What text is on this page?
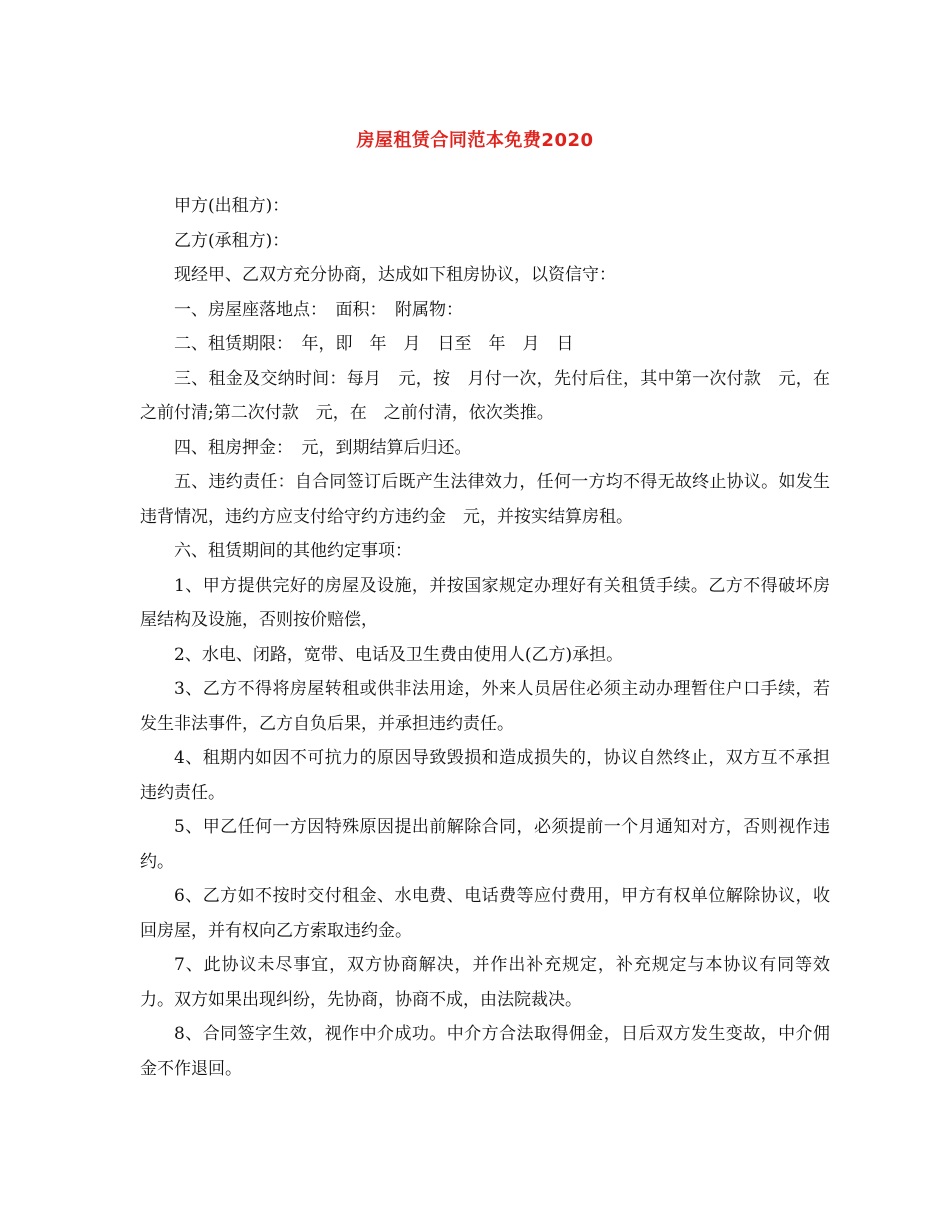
房屋租赁合同范本免费2020

甲方(出租方)：

乙方(承租方)：

现经甲、乙双方充分协商，达成如下租房协议，以资信守：

一、房屋座落地点：　面积：　附属物：

二、租赁期限：　年，即　年　月　日至　年　月　日

三、租金及交纳时间：每月　元，按　月付一次，先付后住，其中第一次付款　元，在　之前付清;第二次付款　元，在　之前付清，依次类推。

四、租房押金：　元，到期结算后归还。

五、违约责任：自合同签订后既产生法律效力，任何一方均不得无故终止协议。如发生违背情况，违约方应支付给守约方违约金　元，并按实结算房租。

六、租赁期间的其他约定事项：

1、甲方提供完好的房屋及设施，并按国家规定办理好有关租赁手续。乙方不得破坏房屋结构及设施，否则按价赔偿，

2、水电、闭路，宽带、电话及卫生费由使用人(乙方)承担。

3、乙方不得将房屋转租或供非法用途，外来人员居住必须主动办理暂住户口手续，若发生非法事件，乙方自负后果，并承担违约责任。

4、租期内如因不可抗力的原因导致毁损和造成损失的，协议自然终止，双方互不承担违约责任。

5、甲乙任何一方因特殊原因提出前解除合同，必须提前一个月通知对方，否则视作违约。

6、乙方如不按时交付租金、水电费、电话费等应付费用，甲方有权单位解除协议，收回房屋，并有权向乙方索取违约金。

7、此协议未尽事宜，双方协商解决，并作出补充规定，补充规定与本协议有同等效力。双方如果出现纠纷，先协商，协商不成，由法院裁决。

8、合同签字生效，视作中介成功。中介方合法取得佣金，日后双方发生变故，中介佣金不作退回。
